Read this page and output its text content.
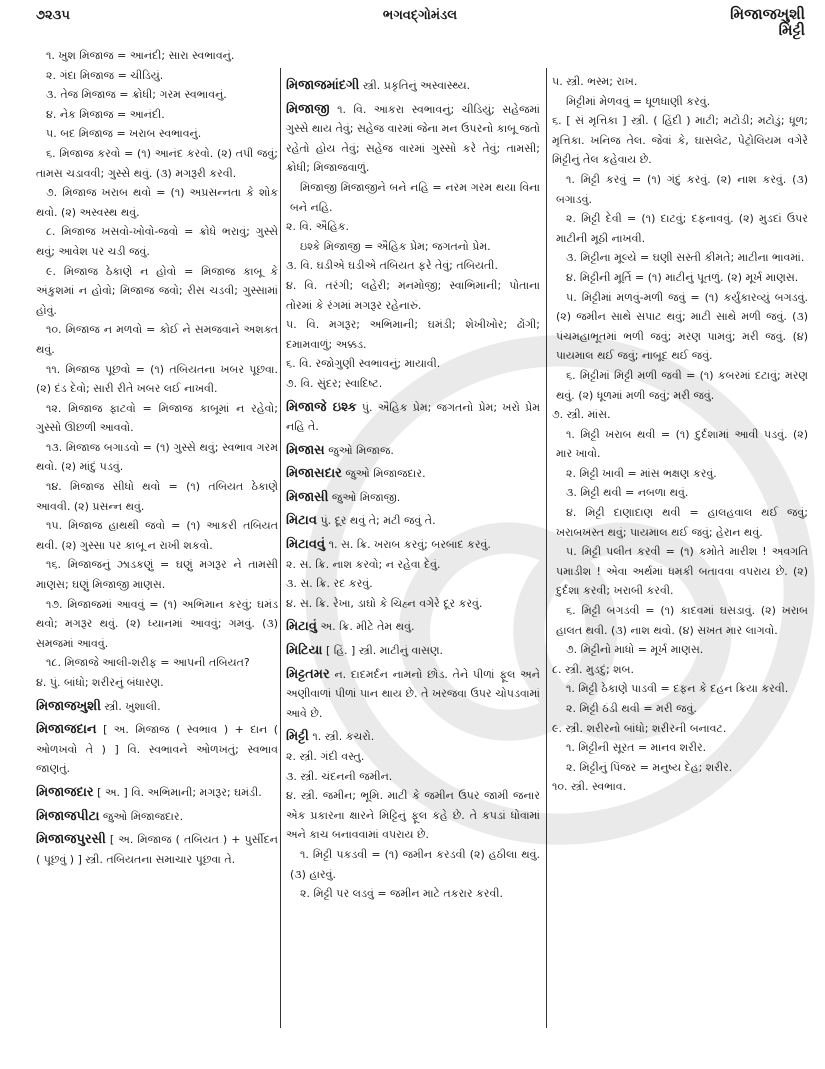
૭૨૩૫	ભગવદ્ગોમંડલ	મિજાજખુશી
મિટ્ટી

૧. ખુશ મિજાજ = આનંદી; સારા સ્વભાવનું.

૨. ગંદા મિજાજ = ચીડિયું.

૩. તેજ મિજાજ = ક્રોધી; ગરમ સ્વભાવનું.

૪. નેક મિજાજ = આનંદી.

૫. બદ મિજાજ = ખરાબ સ્વભાવનું.

૬. મિજાજ કરવો = (૧) આનંદ કરવો. (૨) તપી જવું; તામસ ચડાવવી; ગુસ્સે થવું. (૩) મગરૂરી કરવી.

૭. મિજાજ ખરાબ થવો = (૧) અપ્રસન્નતા કે શોક થવો. (૨) અસ્વસ્થ થવું.

૮. મિજાજ ખસવો-ખોવો-જવો = ક્રોધે ભરાવું; ગુસ્સે થવું; આવેશ પર ચડી જવું.

૯. મિજાજ ઠેકાણે ન હોવો = મિજાજ કાબૂ કે અંકુશમાં ન હોવો; મિજાજ જવો; રીસ ચડવી; ગુસ્સામાં હોવું.

૧૦. મિજાજ ન મળવો = કોઈ ને સમજવાને અશક્ત થવું.

૧૧. મિજાજ પૂછવો = (૧) તબિયતના ખબર પૂછવા. (૨) દંડ દેવો; સારી રીતે ખબર લઈ નાખવી.

૧૨. મિજાજ ફાટવો = મિજાજ કાબૂમાં ન રહેવો; ગુસ્સો ઊછળી આવવો.

૧૩. મિજાજ બગાડવો = (૧) ગુસ્સે થવું; સ્વભાવ ગરમ થવો. (૨) માંદું પડવું.

૧૪. મિજાજ સીધો થવો = (૧) તબિયત ઠેકાણે આવવી. (૨) પ્રસન્ન થવું.

૧૫. મિજાજ હાથથી જવો = (૧) આકરી તબિયત થવી. (૨) ગુસ્સા પર કાબૂ ન રાખી શકવો.

૧૬. મિજાજનું ઝાડકણું = ઘણું મગરૂર ને તામસી માણસ; ઘણું મિજાજી માણસ.

૧૭. મિજાજમાં આવવું = (૧) અભિમાન કરવું; ઘમંડ થવો; મગરૂર થવું. (૨) ધ્યાનમાં આવવું; ગમવું. (૩) સમજમાં આવવું.

૧૮. મિજાજે આલી-શરીફ = આપની તબિયત?

૪. પું. બાંધો; શરીરનું બંધારણ.

મિજાજખુશી સ્ત્રી. ખુશાલી.

મિજાજદાન [ અ. મિજાજ ( સ્વભાવ ) + દાન ( ઓળખવો તે ) ] વિ. સ્વભાવને ઓળખતું; સ્વભાવ જાણતું.

મિજાજદાર [ અ. ] વિ. અભિમાની; મગરૂર; ઘમંડી.

મિજાજપીટા જુઓ મિજાજદાર.

મિજાજપુરસી [ અ. મિજાજ ( તબિયત ) + પુર્સીદન ( પૂછવું ) ] સ્ત્રી. તબિયતના સમાચાર પૂછવા તે.

મિજાજમાંદગી સ્ત્રી. પ્રકૃતિનું અસ્વાસ્થ્ય.

મિજાજી ૧. વિ. આકરા સ્વભાવનું; ચીડિયું; સહેજમાં ગુસ્સે થાય તેવું; સહેજ વારમાં જેના મન ઉપરનો કાબૂ જતો રહેતો હોય તેવું; સહેજ વારમાં ગુસ્સો કરે તેવું; તામસી; ક્રોધી; મિજાજવાળું.

મિજાજી મિજાજીને બને નહિ = નરમ ગરમ થયા વિના બને નહિ.

૨. વિ. ઐહિક.

ઇશ્કે મિજાજી = ઐહિક પ્રેમ; જગતનો પ્રેમ.

૩. વિ. ઘડીએ ઘડીએ તબિયત ફરે તેવું; તબિયતી.

૪. વિ. તરંગી; લહેરી; મનમોજી; સ્વાભિમાની; પોતાના તોરમાં કે રંગમાં મગરૂર રહેનારું.

૫. વિ. મગરૂર; અભિમાની; ઘમંડી; શેખીખોર; ઢોંગી; દમામવાળું; અક્કડ.

૬. વિ. રજોગુણી સ્વભાવનું; માયાવી.

૭. વિ. સુંદર; સ્વાદિષ્ટ.

મિજાજે ઇશ્ક પું. ઐહિક પ્રેમ; જગતનો પ્રેમ; ખરો પ્રેમ નહિ તે.

મિજાસ જુઓ મિજાજ.

મિજાસદાર જુઓ મિજાજદાર.

મિજાસી જુઓ મિજાજી.

મિટાવ પું. દૂર થવું તે; મટી જવું તે.

મિટાવવું ૧. સ. ક્રિ. ખરાબ કરવું; બરબાદ કરવું.

૨. સ. ક્રિ. નાશ કરવો; ન રહેવા દેવું.

૩. સ. ક્રિ. રદ કરવું.

૪. સ. ક્રિ. રેખા, ડાઘો કે ચિહ્ન વગેરે દૂર કરવું.

મિટાવું અ. ક્રિ. મીટે તેમ થવું.

મિટિયા [ હિં. ] સ્ત્રી. માટીનું વાસણ.

મિટ્ટતમર ન. દાદમર્દન નામનો છોડ. તેને પીળાં ફૂલ અને અણીવાળાં પીળાં પાન થાય છે. તે ખરજવા ઉપર ચોપડવામાં આવે છે.

મિટ્ટી ૧. સ્ત્રી. કચરો.

૨. સ્ત્રી. ગંદી વસ્તુ.

૩. સ્ત્રી. ચંદનની જમીન.

૪. સ્ત્રી. જમીન; ભૂમિ. માટી કે જમીન ઉપર જામી જનાર એક પ્રકારના ક્ષારને મિટ્ટિનું ફૂલ કહે છે. તે કપડાં ધોવામાં અને કાચ બનાવવામાં વપરાય છે.

૧. મિટ્ટી પકડવી = (૧) જમીન કરડવી (૨) હઠીલા થવું. (૩) હારવું.

૨. મિટ્ટી પર લડવું = જમીન માટે તકરાર કરવી.

૫. સ્ત્રી. ભસ્મ; રાખ.

મિટ્ટીમાં મેળવવું = ધૂળધાણી કરવું.

૬. [ સં મૃત્તિકા ] સ્ત્રી. ( હિંદી ) માટી; મટોડી; મટોડું; ધૂળ; મૃત્તિકા. ખનિજ તેલ. જેવાં કે, ઘાસલેટ, પેટ્રોલિયમ વગેરે મિટ્ટીનું તેલ કહેવાય છે.

૧. મિટ્ટી કરવું = (૧) ગંદું કરવું. (૨) નાશ કરવું. (૩) બગાડવું.

૨. મિટ્ટી દેવી = (૧) દાટવું; દફનાવવું. (૨) મુડદાં ઉપર માટીની મૂઠી નાખવી.

૩. મિટ્ટીના મૂલ્યે = ઘણી સસ્તી કીમતે; માટીના ભાવમાં.

૪. મિટ્ટીની મૂર્તિ = (૧) માટીનું પૂતળું. (૨) મૂર્ખ માણસ.

૫. મિટ્ટીમાં મળવું-મળી જવું = (૧) કર્યુંકારવ્યું બગડવું. (૨) જમીન સાથે સપાટ થવું; માટી સાથે મળી જવું. (૩) પંચમહાભૂતમાં ભળી જવું; મરણ પામવું; મરી જવું. (૪) પાયમાલ થઈ જવું; નાબૂદ થઈ જવું.

૬. મિટ્ટીમાં મિટ્ટી મળી જવી = (૧) કબરમાં દટાવું; મરણ થવું. (૨) ધૂળમાં મળી જવું; મરી જવું.

૭. સ્ત્રી. માંસ.

૧. મિટ્ટી ખરાબ થવી = (૧) દુર્દશામાં આવી પડવું. (૨) માર ખાવો.

૨. મિટ્ટી ખાવી = માંસ ભક્ષણ કરવું.

૩. મિટ્ટી થવી = નબળા થવું.

૪. મિટ્ટી દાણાદાણ થવી = હાલહવાલ થઈ જવું; ખરાબખસ્ત થવું; પાયમાલ થઈ જવું; હેરાન થવું.

૫. મિટ્ટી પલીત કરવી = (૧) કમોતે મારીશ ! અવગતિ પમાડીશ ! એવા અર્થમાં ધમકી બતાવવા વપરાય છે. (૨) દુર્દશા કરવી; ખરાબી કરવી.

૬. મિટ્ટી બગડવી = (૧) કાદવમાં ઘસડાવું. (૨) ખરાબ હાલત થવી. (૩) નાશ થવો. (૪) સખત માર લાગવો.

૭. મિટ્ટીનો માધો = મૂર્ખ માણસ.

૮. સ્ત્રી. મુડદું; શબ.

૧. મિટ્ટી ઠેકાણે પાડવી = દફન કે દહન ક્રિયા કરવી.

૨. મિટ્ટી ઠંડી થવી = મરી જવું.

૯. સ્ત્રી. શરીરનો બાંધો; શરીરની બનાવટ.

૧. મિટ્ટીની સૂરત = માનવ શરીર.

૨. મિટ્ટીનું પિંજર = મનુષ્ય દેહ; શરીર.

૧૦. સ્ત્રી. સ્વભાવ.
